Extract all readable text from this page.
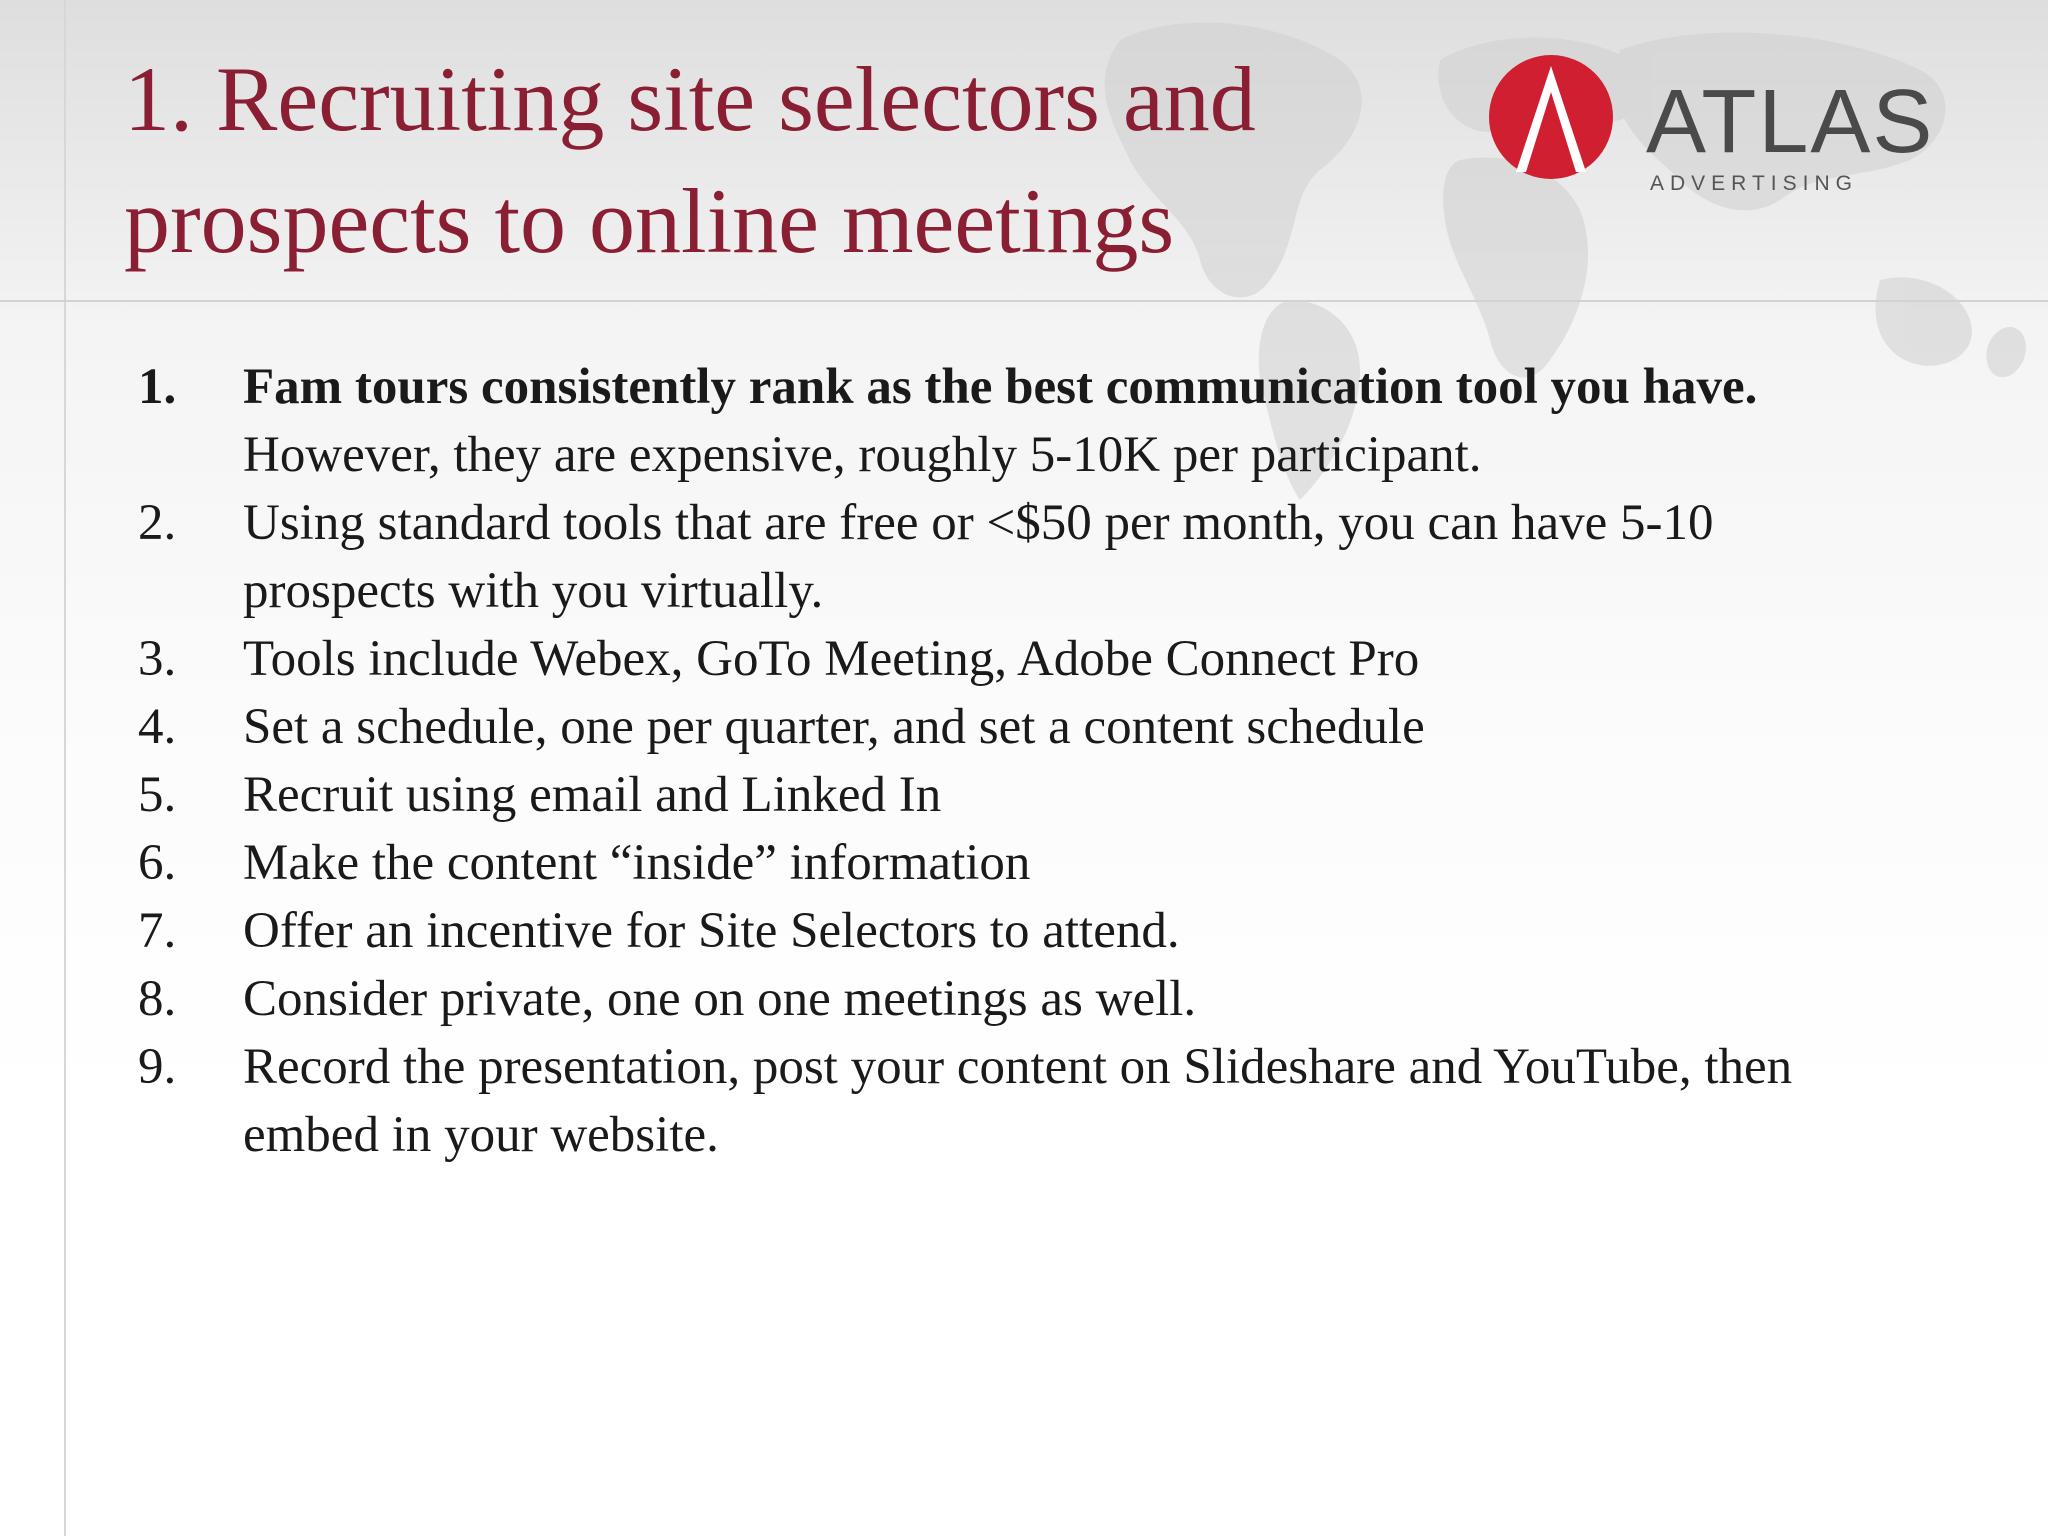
1. Recruiting site selectors and prospects to online meetings
ATLAS
ADVERTISING
1. Fam tours consistently rank as the best communication tool you have. However, they are expensive, roughly 5-10K per participant.
2. Using standard tools that are free or <$50 per month, you can have 5-10 prospects with you virtually.
3. Tools include Webex, GoTo Meeting, Adobe Connect Pro
4. Set a schedule, one per quarter, and set a content schedule
5. Recruit using email and Linked In
6. Make the content “inside” information
7. Offer an incentive for Site Selectors to attend.
8. Consider private, one on one meetings as well.
9. Record the presentation, post your content on Slideshare and YouTube, then embed in your website.
